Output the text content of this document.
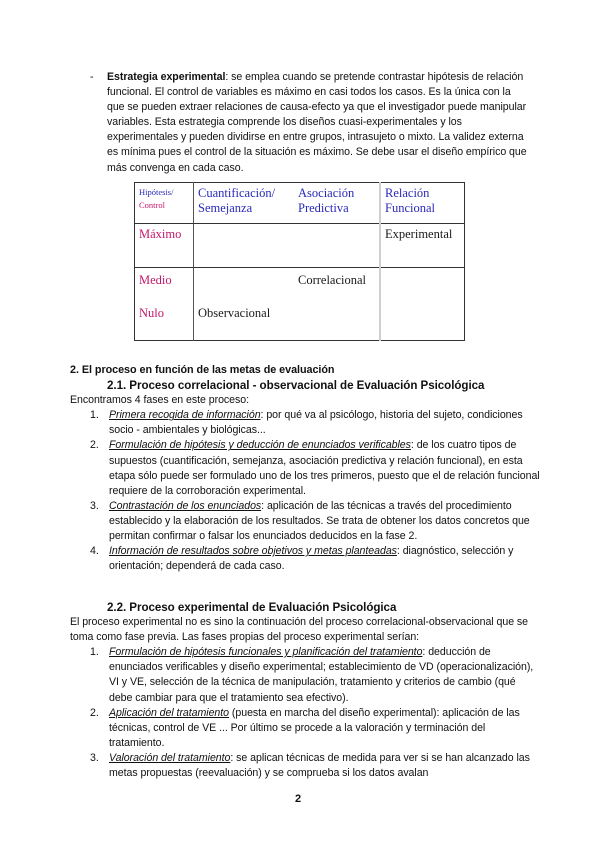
- Estrategia experimental: se emplea cuando se pretende contrastar hipótesis de relación funcional. El control de variables es máximo en casi todos los casos. Es la única con la que se pueden extraer relaciones de causa-efecto ya que el investigador puede manipular variables. Esta estrategia comprende los diseños cuasi-experimentales y los experimentales y pueden dividirse en entre grupos, intrasujeto o mixto. La validez externa es mínima pues el control de la situación es máximo. Se debe usar el diseño empírico que más convenga en cada caso.
Hipótesis/
Control	Cuantificación/ Semejanza	Asociación Predictiva	Relación Funcional
Máximo			Experimental
Medio		Correlacional	
Nulo	Observacional		
2. El proceso en función de las metas de evaluación
2.1. Proceso correlacional - observacional de Evaluación Psicológica
Encontramos 4 fases en este proceso:
1. Primera recogida de información: por qué va al psicólogo, historia del sujeto, condiciones socio - ambientales y biológicas...
2. Formulación de hipótesis y deducción de enunciados verificables: de los cuatro tipos de supuestos (cuantificación, semejanza, asociación predictiva y relación funcional), en esta etapa sólo puede ser formulado uno de los tres primeros, puesto que el de relación funcional requiere de la corroboración experimental.
3. Contrastación de los enunciados: aplicación de las técnicas a través del procedimiento establecido y la elaboración de los resultados. Se trata de obtener los datos concretos que permitan confirmar o falsar los enunciados deducidos en la fase 2.
4. Información de resultados sobre objetivos y metas planteadas: diagnóstico, selección y orientación; dependerá de cada caso.
2.2. Proceso experimental de Evaluación Psicológica
El proceso experimental no es sino la continuación del proceso correlacional-observacional que se toma como fase previa. Las fases propias del proceso experimental serían:
1. Formulación de hipótesis funcionales y planificación del tratamiento: deducción de enunciados verificables y diseño experimental; establecimiento de VD (operacionalización), VI y VE, selección de la técnica de manipulación, tratamiento y criterios de cambio (qué debe cambiar para que el tratamiento sea efectivo).
2. Aplicación del tratamiento (puesta en marcha del diseño experimental): aplicación de las técnicas, control de VE ... Por último se procede a la valoración y terminación del tratamiento.
3. Valoración del tratamiento: se aplican técnicas de medida para ver si se han alcanzado las metas propuestas (reevaluación) y se comprueba si los datos avalan
2
